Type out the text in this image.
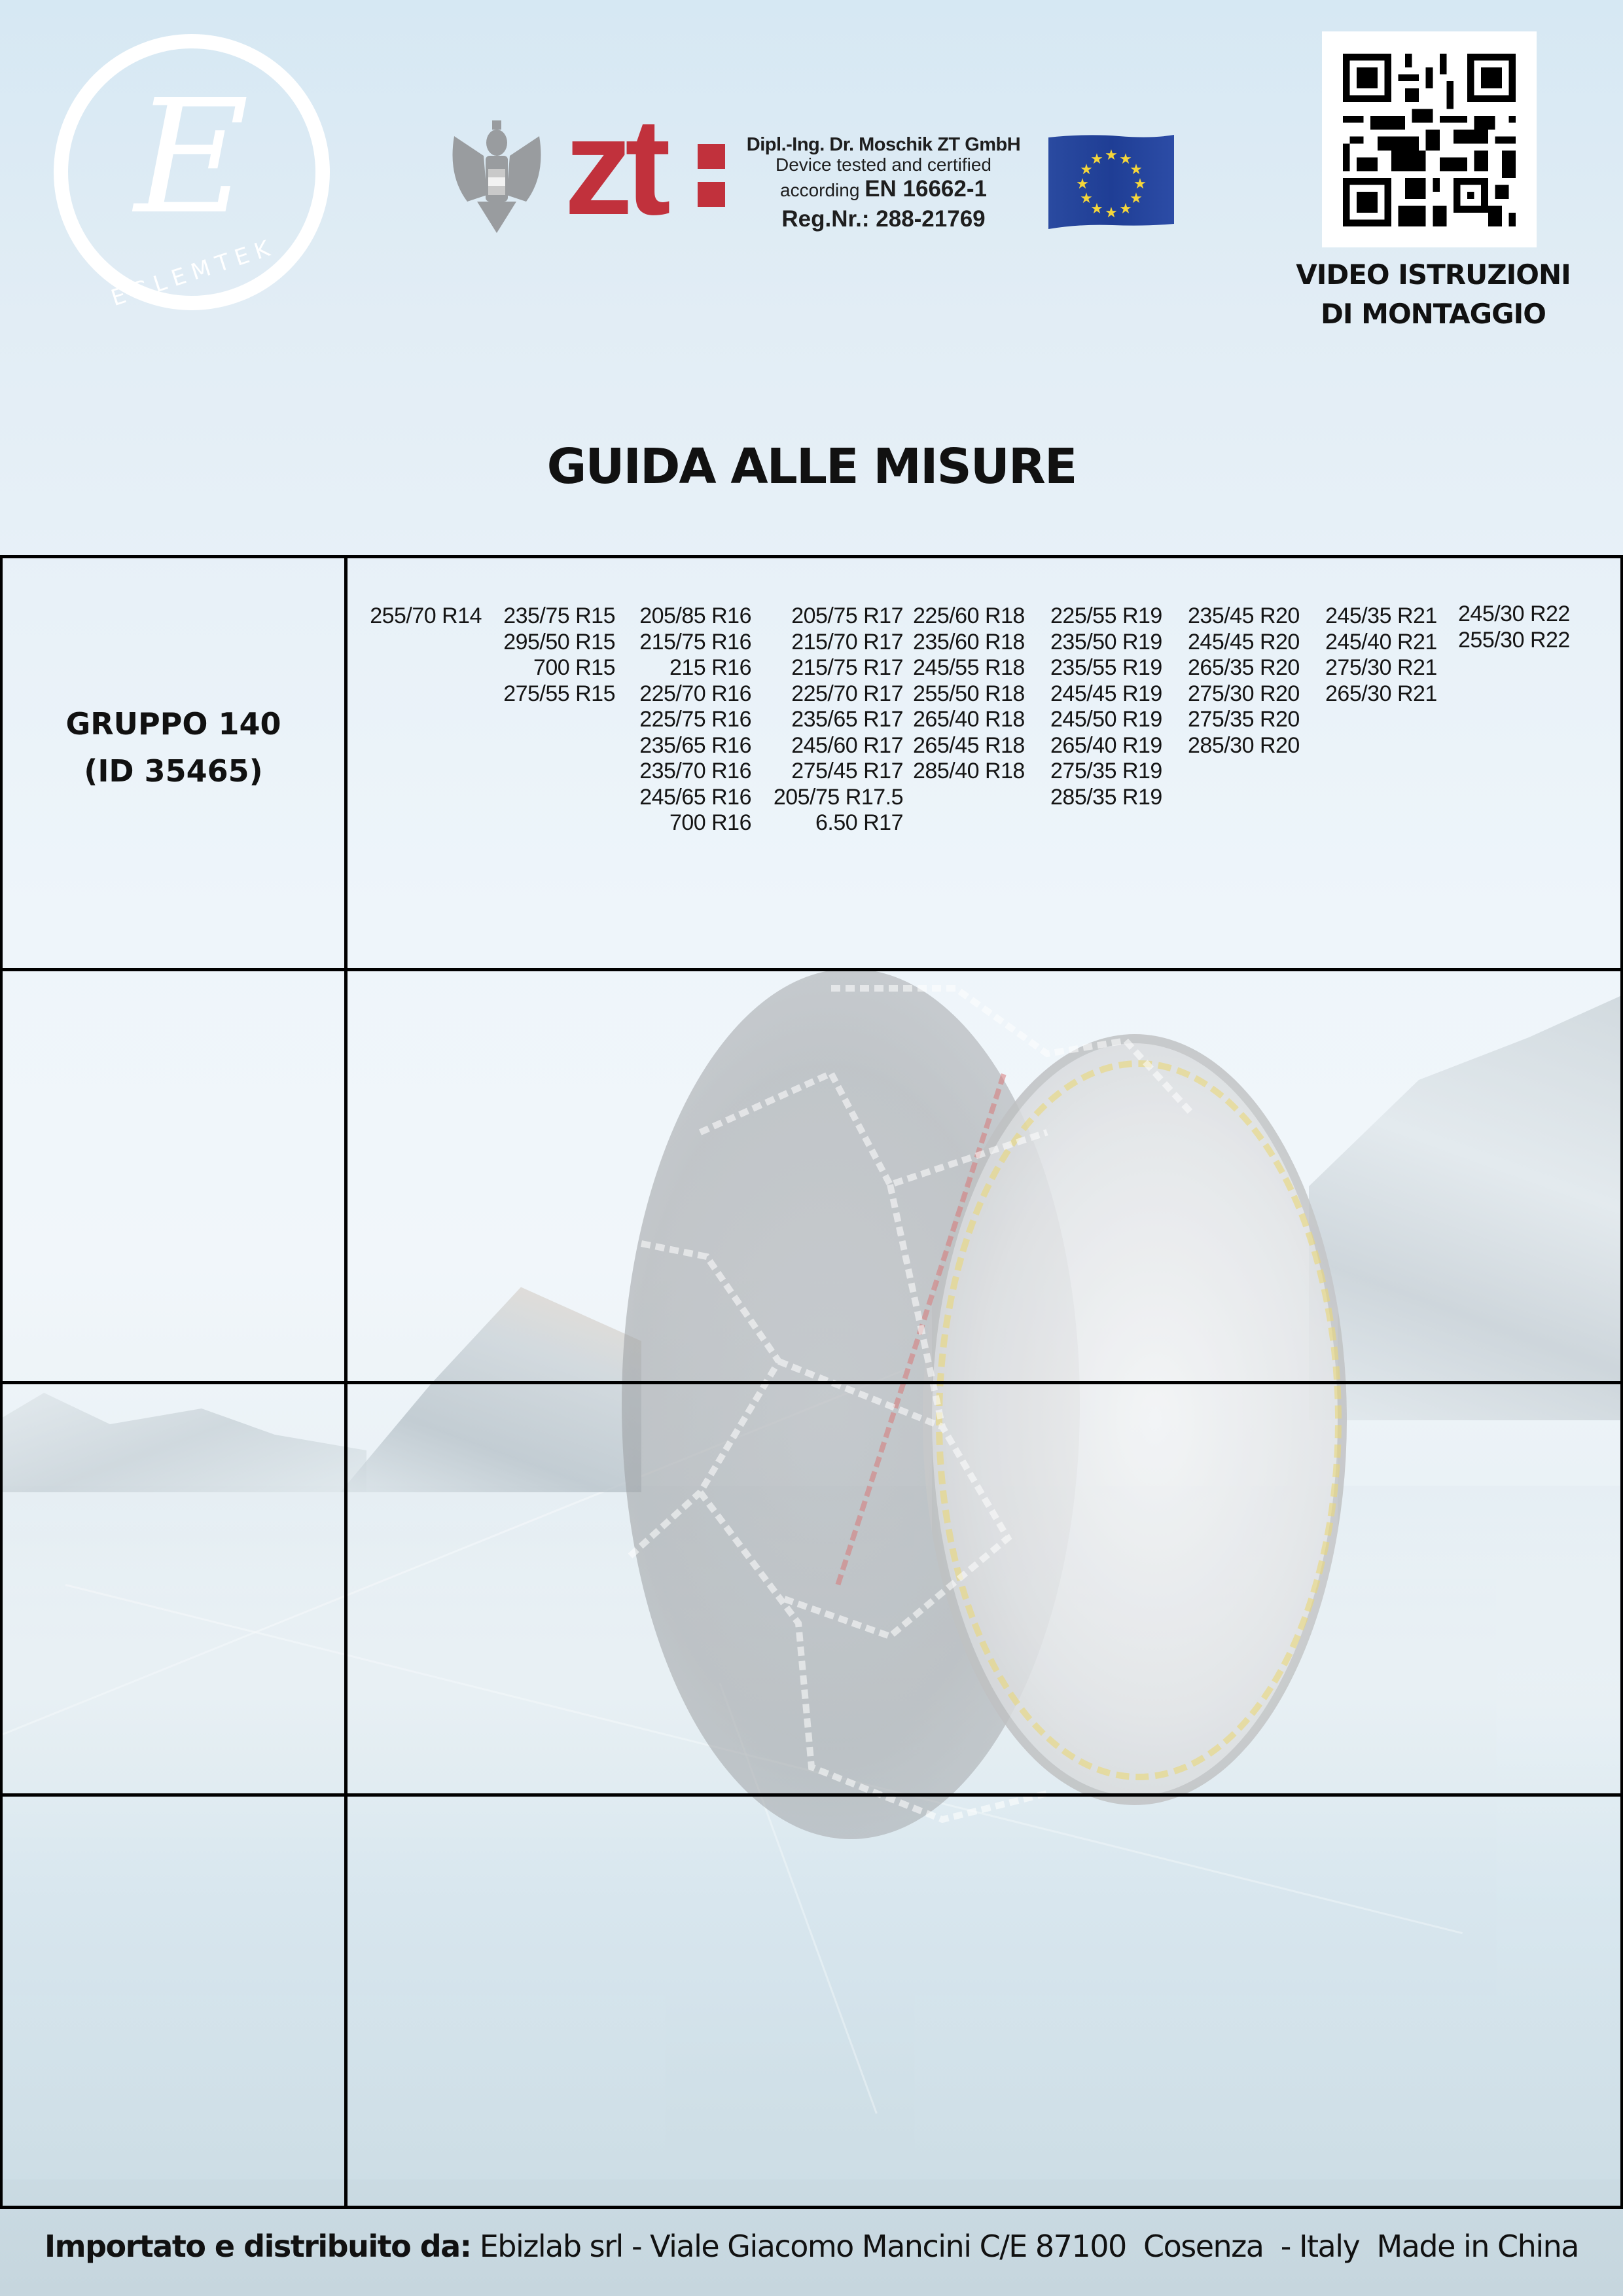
E
EGLEMTEK
zt	Dipl.-Ing. Dr. Moschik ZT GmbH
Device tested and certified
according EN 16662-1
Reg.Nr.: 288-21769
★ ★
★
★
★
★
★
★
★
★
★
★
VIDEO ISTRUZIONI
DI MONTAGGIO
GUIDA ALLE MISURE
GRUPPO 140
(ID 35465)
255/70 R14 235/75 R15
295/50 R15
700 R15
275/55 R15
205/85 R16
215/75 R16
215 R16
225/70 R16
225/75 R16
235/65 R16
235/70 R16
245/65 R16
700 R16
205/75 R17
215/70 R17
215/75 R17
225/70 R17
235/65 R17
245/60 R17
275/45 R17
205/75 R17.5
6.50 R17
225/60 R18
235/60 R18
245/55 R18
255/50 R18
265/40 R18
265/45 R18
285/40 R18
225/55 R19
235/50 R19
235/55 R19
245/45 R19
245/50 R19
265/40 R19
275/35 R19
285/35 R19
235/45 R20
245/45 R20
265/35 R20
275/30 R20
275/35 R20
285/30 R20
245/35 R21
245/40 R21
275/30 R21
265/30 R21
245/30 R22
255/30 R22
Importato e distribuito da: Ebizlab srl - Viale Giacomo Mancini C/E 87100  Cosenza  - Italy  Made in China
